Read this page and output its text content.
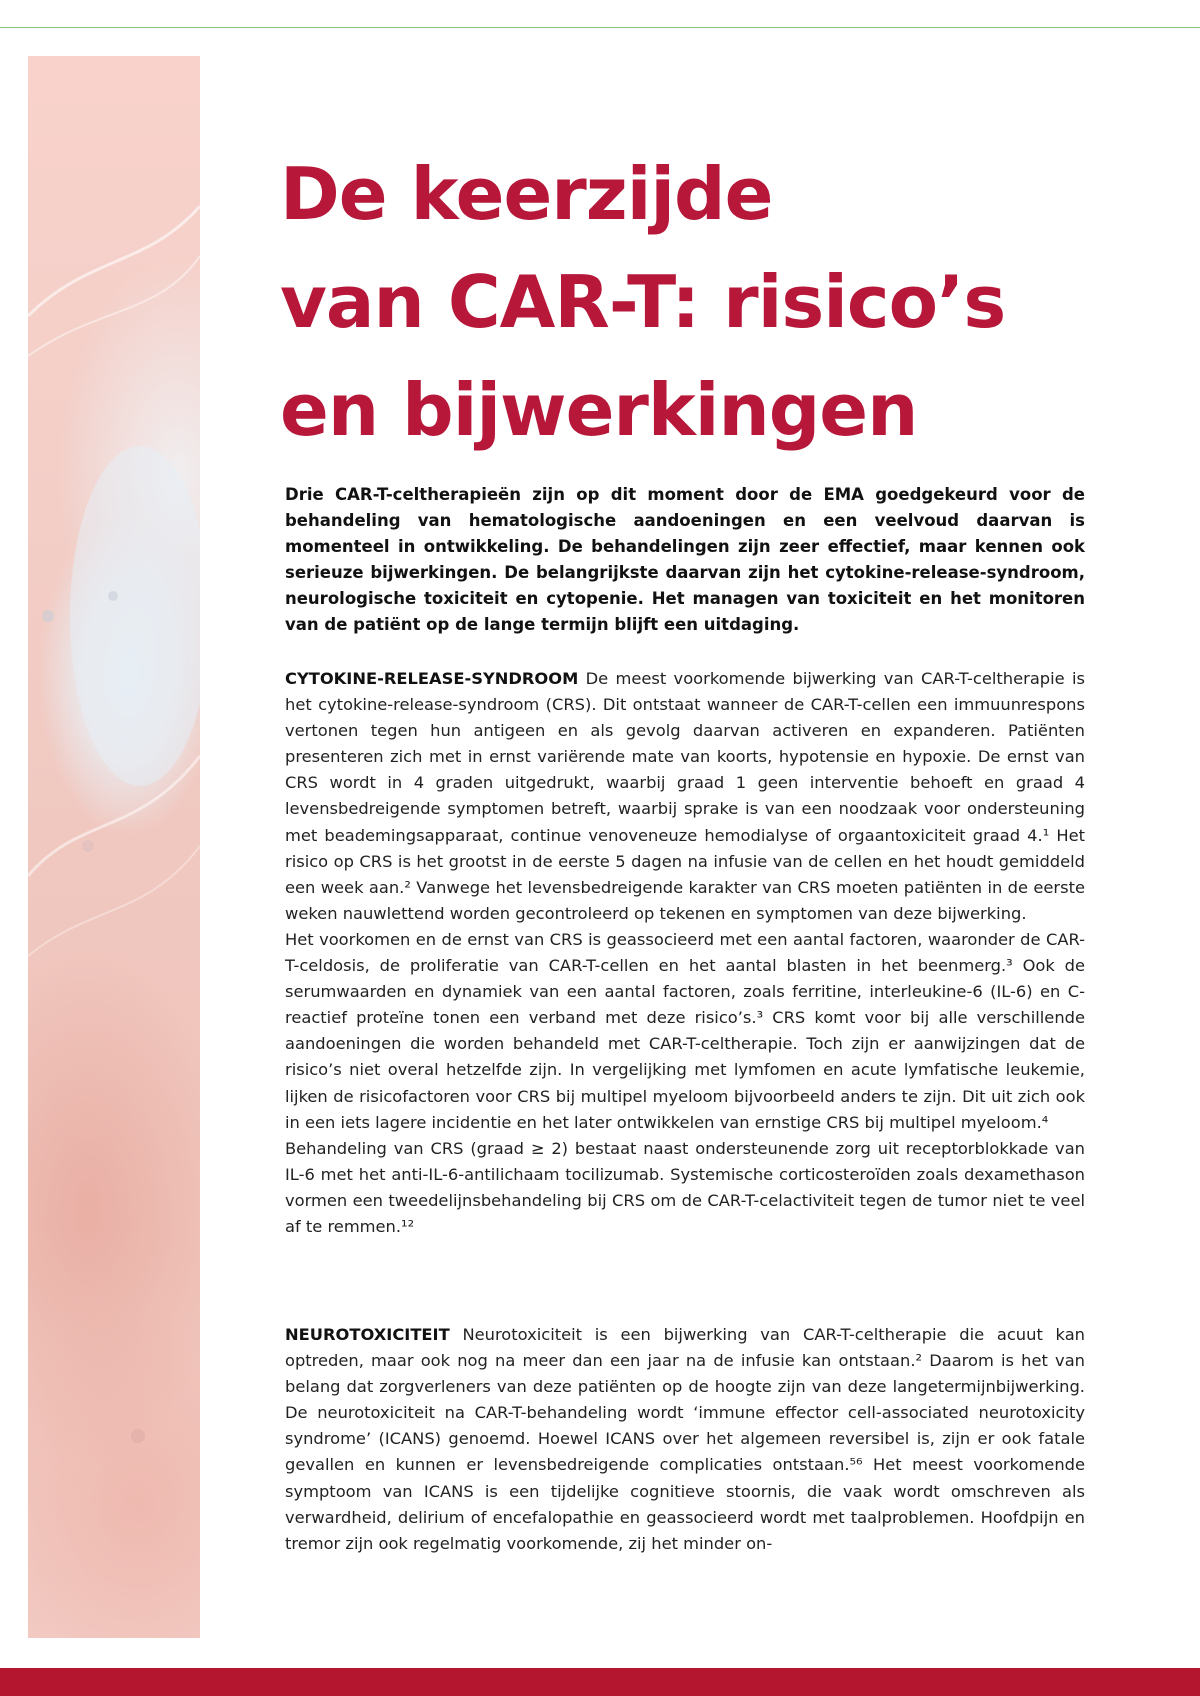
De keerzijde
van CAR-T: risico’s
en bijwerkingen

Drie CAR-T-celtherapieën zijn op dit moment door de EMA goedgekeurd voor de behandeling van hematologische aandoeningen en een veelvoud daarvan is momenteel in ontwikkeling. De behandelingen zijn zeer effectief, maar kennen ook serieuze bijwerkingen. De belangrijkste daarvan zijn het cytokine-release-syndroom, neurologische toxiciteit en cytopenie. Het managen van toxiciteit en het monitoren van de patiënt op de lange termijn blijft een uitdaging.

CYTOKINE-RELEASE-SYNDROOM De meest voorkomende bijwerking van CAR-T-celtherapie is het cytokine-release-syndroom (CRS). Dit ontstaat wanneer de CAR-T-cellen een immuunrespons vertonen tegen hun antigeen en als gevolg daarvan activeren en expanderen. Patiënten presenteren zich met in ernst variërende mate van koorts, hypotensie en hypoxie. De ernst van CRS wordt in 4 graden uitgedrukt, waarbij graad 1 geen interventie behoeft en graad 4 levensbedreigende symptomen betreft, waarbij sprake is van een noodzaak voor ondersteuning met beademingsapparaat, continue venoveneuze hemodialyse of orgaantoxiciteit graad 4.¹ Het risico op CRS is het grootst in de eerste 5 dagen na infusie van de cellen en het houdt gemiddeld een week aan.² Vanwege het levensbedreigende karakter van CRS moeten patiënten in de eerste weken nauwlettend worden gecontroleerd op tekenen en symptomen van deze bijwerking.

Het voorkomen en de ernst van CRS is geassocieerd met een aantal factoren, waaronder de CAR-T-celdosis, de proliferatie van CAR-T-cellen en het aantal blasten in het beenmerg.³ Ook de serumwaarden en dynamiek van een aantal factoren, zoals ferritine, interleukine-6 (IL-6) en C-reactief proteïne tonen een verband met deze risico’s.³ CRS komt voor bij alle verschillende aandoeningen die worden behandeld met CAR-T-celtherapie. Toch zijn er aanwijzingen dat de risico’s niet overal hetzelfde zijn. In vergelijking met lymfomen en acute lymfatische leukemie, lijken de risicofactoren voor CRS bij multipel myeloom bijvoorbeeld anders te zijn. Dit uit zich ook in een iets lagere incidentie en het later ontwikkelen van ernstige CRS bij multipel myeloom.⁴

Behandeling van CRS (graad ≥ 2) bestaat naast ondersteunende zorg uit receptorblokkade van IL-6 met het anti-IL-6-antilichaam tocilizumab. Systemische corticosteroïden zoals dexamethason vormen een tweedelijnsbehandeling bij CRS om de CAR-T-celactiviteit tegen de tumor niet te veel af te remmen.¹²

NEUROTOXICITEIT Neurotoxiciteit is een bijwerking van CAR-T-celtherapie die acuut kan optreden, maar ook nog na meer dan een jaar na de infusie kan ontstaan.² Daarom is het van belang dat zorgverleners van deze patiënten op de hoogte zijn van deze langetermijnbijwerking. De neurotoxiciteit na CAR-T-behandeling wordt ‘immune effector cell-associated neurotoxicity syndrome’ (ICANS) genoemd. Hoewel ICANS over het algemeen reversibel is, zijn er ook fatale gevallen en kunnen er levensbedreigende complicaties ontstaan.⁵⁶ Het meest voorkomende symptoom van ICANS is een tijdelijke cognitieve stoornis, die vaak wordt omschreven als verwardheid, delirium of encefalopathie en geassocieerd wordt met taalproblemen. Hoofdpijn en tremor zijn ook regelmatig voorkomende, zij het minder on-
